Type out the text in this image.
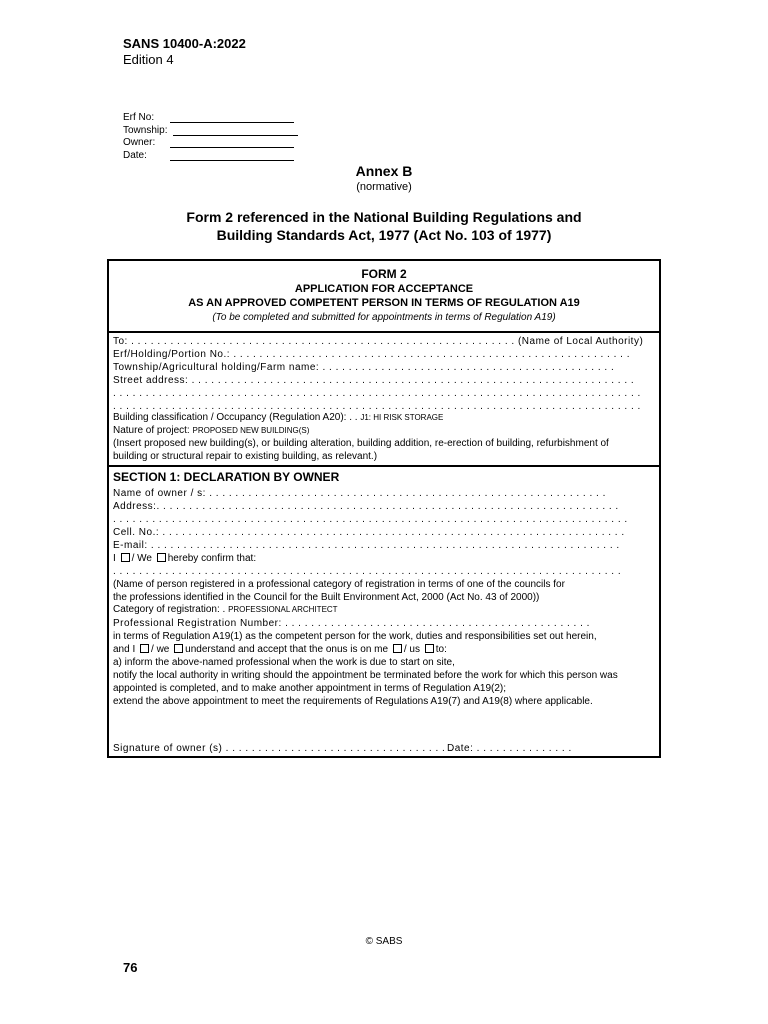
SANS 10400-A:2022
Edition 4
Erf No:
Township:
Owner:
Date:
Annex B
(normative)
Form 2 referenced in the National Building Regulations and
Building Standards Act, 1977 (Act No. 103 of 1977)
FORM 2
APPLICATION FOR ACCEPTANCE
AS AN APPROVED COMPETENT PERSON IN TERMS OF REGULATION A19
(To be completed and submitted for appointments in terms of Regulation A19)
To: . . . . . . . . . . . . . . . . . . . . . . . . . . . . . . . . . . . . . . . . . . . . . . . . . . . . . . . . . . . (Name of Local Authority)
Erf/Holding/Portion No.: . . . . . . . . . . . . . . . . . . . . . . . . . . . . . . . . . . . . . . . . . . . . . . . . . . . . . . . . . . . . .
Township/Agricultural holding/Farm name: . . . . . . . . . . . . . . . . . . . . . . . . . . . . . . . . . . . . . . . . . . . . .
Street address: . . . . . . . . . . . . . . . . . . . . . . . . . . . . . . . . . . . . . . . . . . . . . . . . . . . . . . . . . . . . . . . . . . . .
. . . . . . . . . . . . . . . . . . . . . . . . . . . . . . . . . . . . . . . . . . . . . . . . . . . . . . . . . . . . . . . . . . . . . . . . . . . . . . . . .
. . . . . . . . . . . . . . . . . . . . . . . . . . . . . . . . . . . . . . . . . . . . . . . . . . . . . . . . . . . . . . . . . . . . . . . . . . . . . . . . .
Building classification / Occupancy (Regulation A20): . . J1: HI RISK STORAGE
Nature of project: PROPOSED NEW BUILDING(S)
(Insert proposed new building(s), or building alteration, building addition, re-erection of building, refurbishment of
building or structural repair to existing building, as relevant.)
SECTION 1: DECLARATION BY OWNER
Name of owner / s: . . . . . . . . . . . . . . . . . . . . . . . . . . . . . . . . . . . . . . . . . . . . . . . . . . . . . . . . . . . . .
Address:. . . . . . . . . . . . . . . . . . . . . . . . . . . . . . . . . . . . . . . . . . . . . . . . . . . . . . . . . . . . . . . . . . . . . . .
. . . . . . . . . . . . . . . . . . . . . . . . . . . . . . . . . . . . . . . . . . . . . . . . . . . . . . . . . . . . . . . . . . . . . . . . . . . . . . .
Cell. No.: . . . . . . . . . . . . . . . . . . . . . . . . . . . . . . . . . . . . . . . . . . . . . . . . . . . . . . . . . . . . . . . . . . . . . . .
E-mail: . . . . . . . . . . . . . . . . . . . . . . . . . . . . . . . . . . . . . . . . . . . . . . . . . . . . . . . . . . . . . . . . . . . . . . . .
I / We hereby confirm that:
. . . . . . . . . . . . . . . . . . . . . . . . . . . . . . . . . . . . . . . . . . . . . . . . . . . . . . . . . . . . . . . . . . . . . . . . . . . . . .
(Name of person registered in a professional category of registration in terms of one of the councils for
the professions identified in the Council for the Built Environment Act, 2000 (Act No. 43 of 2000))
Category of registration: . PROFESSIONAL ARCHITECT
Professional Registration Number: . . . . . . . . . . . . . . . . . . . . . . . . . . . . . . . . . . . . . . . . . . . . . . .
in terms of Regulation A19(1) as the competent person for the work, duties and responsibilities set out herein,
and I / we understand and accept that the onus is on me / us to:
a) inform the above-named professional when the work is due to start on site,
notify the local authority in writing should the appointment be terminated before the work for which this person was
appointed is completed, and to make another appointment in terms of Regulation A19(2);
extend the above appointment to meet the requirements of Regulations A19(7) and A19(8) where applicable.
Signature of owner (s) . . . . . . . . . . . . . . . . . . . . . . . . . . . . . . . . . . .
Date: . . . . . . . . . . . . . . .
© SABS
76
